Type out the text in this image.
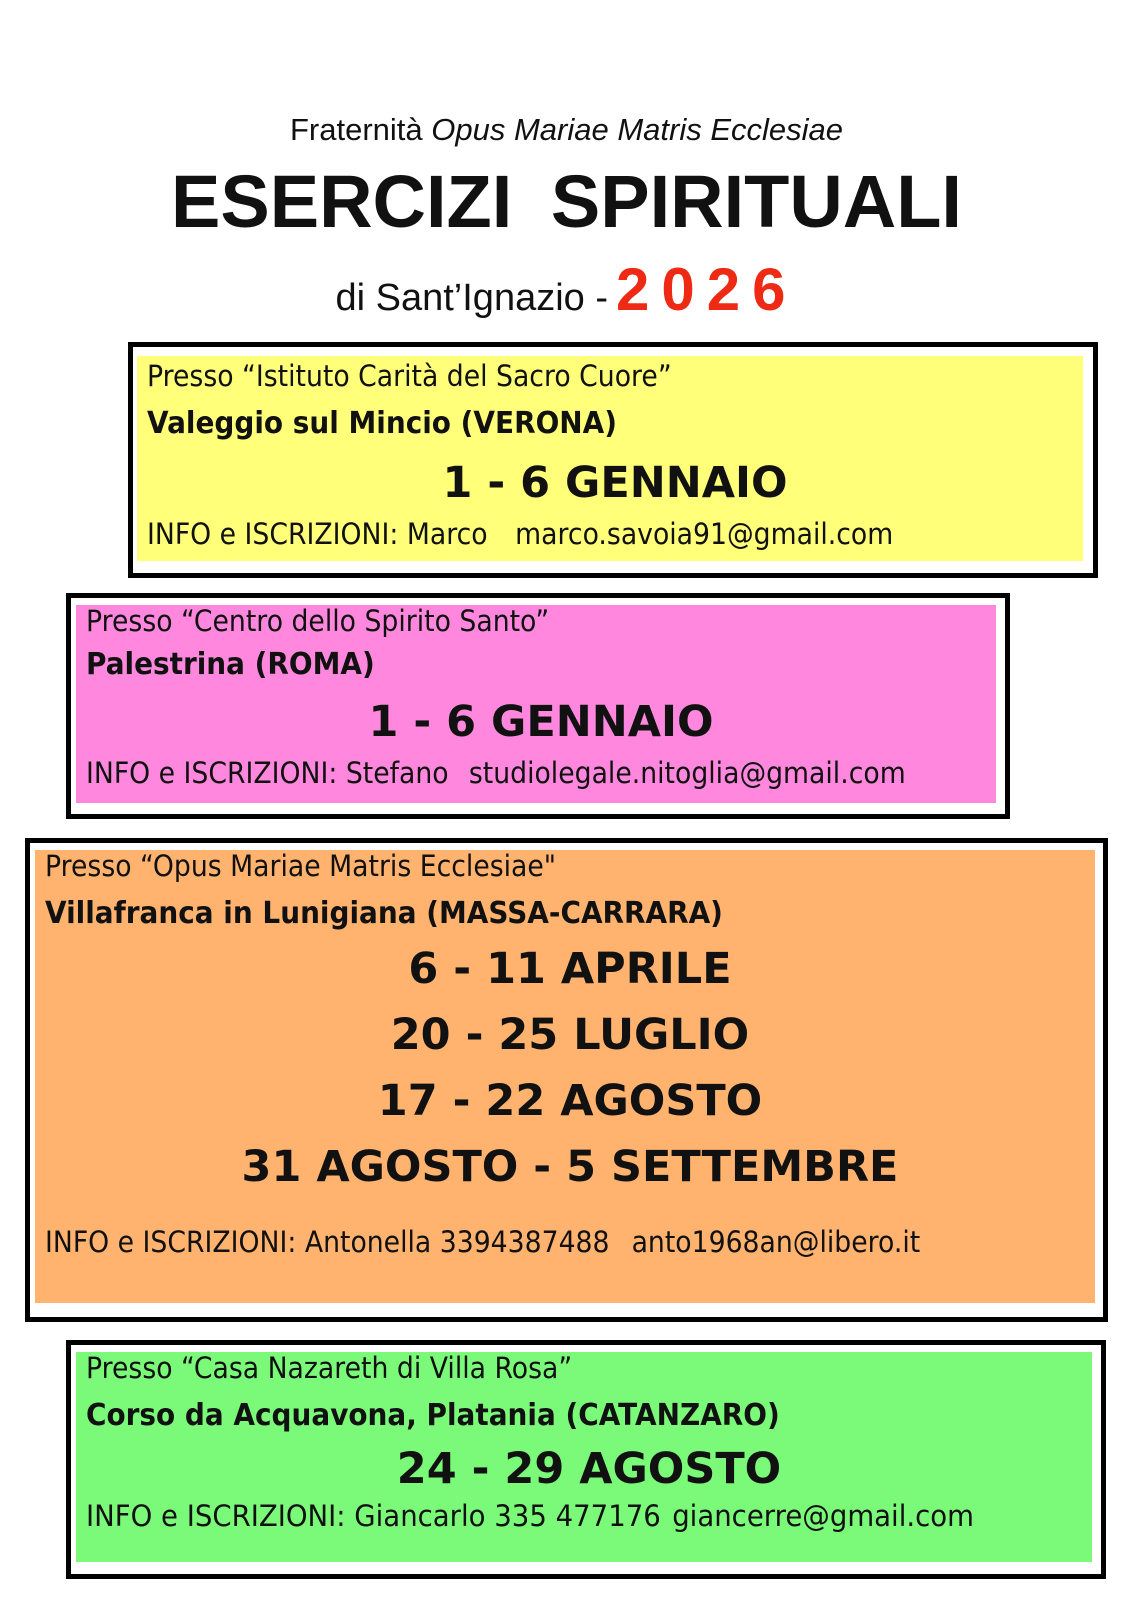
Fraternità Opus Mariae Matris Ecclesiae
ESERCIZI SPIRITUALI
di Sant’Ignazio - 2026
Presso “Istituto Carità del Sacro Cuore”
Valeggio sul Mincio (VERONA)
1 - 6 GENNAIO
INFO e ISCRIZIONI: Marco marco.savoia91@gmail.com
Presso “Centro dello Spirito Santo”
Palestrina (ROMA)
1 - 6 GENNAIO
INFO e ISCRIZIONI: Stefano studiolegale.nitoglia@gmail.com
Presso “Opus Mariae Matris Ecclesiae"
Villafranca in Lunigiana (MASSA-CARRARA)
6 - 11 APRILE
20 - 25 LUGLIO
17 - 22 AGOSTO
31 AGOSTO - 5 SETTEMBRE
INFO e ISCRIZIONI: Antonella 3394387488 anto1968an@libero.it
Presso “Casa Nazareth di Villa Rosa”
Corso da Acquavona, Platania (CATANZARO)
24 - 29 AGOSTO
INFO e ISCRIZIONI: Giancarlo 335 477176 giancerre@gmail.com
